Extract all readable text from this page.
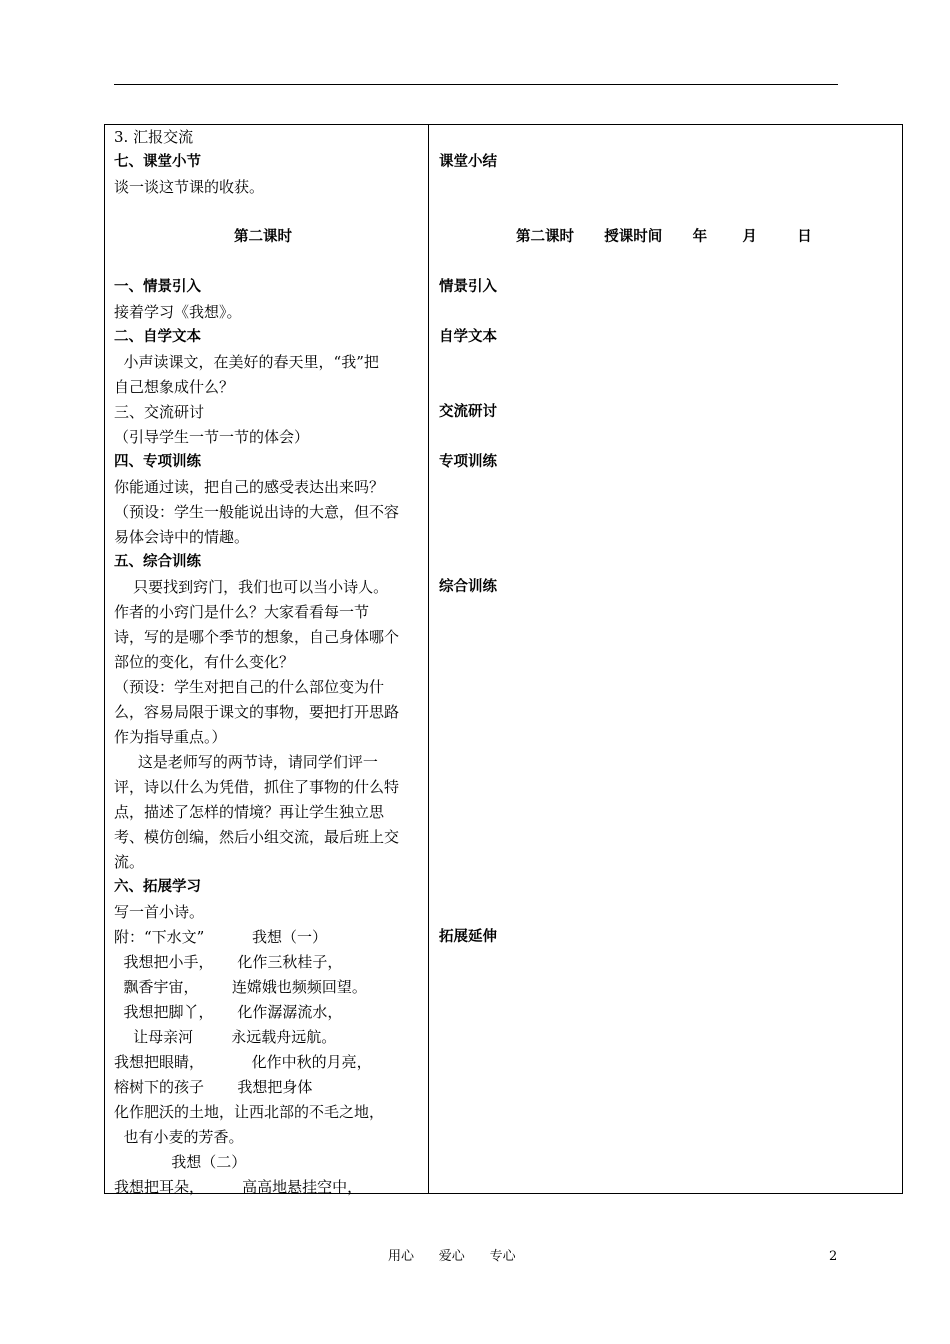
3. 汇报交流
七、课堂小节
谈一谈这节课的收获。
第二课时
一、情景引入
接着学习《我想》。
二、自学文本
小声读课文，在美好的春天里，“我”把
自己想象成什么？
三、交流研讨
（引导学生一节一节的体会）
四、专项训练
你能通过读，把自己的感受表达出来吗？
（预设：学生一般能说出诗的大意，但不容
易体会诗中的情趣。
五、综合训练
只要找到窍门，我们也可以当小诗人。
作者的小窍门是什么？大家看看每一节
诗，写的是哪个季节的想象，自己身体哪个
部位的变化，有什么变化？
（预设：学生对把自己的什么部位变为什
么，容易局限于课文的事物，要把打开思路
作为指导重点。）
这是老师写的两节诗，请同学们评一
评，诗以什么为凭借，抓住了事物的什么特
点，描述了怎样的情境？再让学生独立思
考、模仿创编，然后小组交流，最后班上交
流。
六、拓展学习
写一首小诗。
附：“下水文”          我想（一）
我想把小手，     化作三秋桂子，
飘香宇宙，       连嫦娥也频频回望。
我想把脚丫，     化作潺潺流水，
让母亲河        永远载舟远航。
我想把眼睛，          化作中秋的月亮，
榕树下的孩子       我想把身体
化作肥沃的土地，让西北部的不毛之地，
也有小麦的芳香。
我想（二）
我想把耳朵，        高高地悬挂空中，
课堂小结
第二课时      授课时间      年       月        日
情景引入
自学文本
交流研讨
专项训练
综合训练
拓展延伸
用心      爱心      专心	2
